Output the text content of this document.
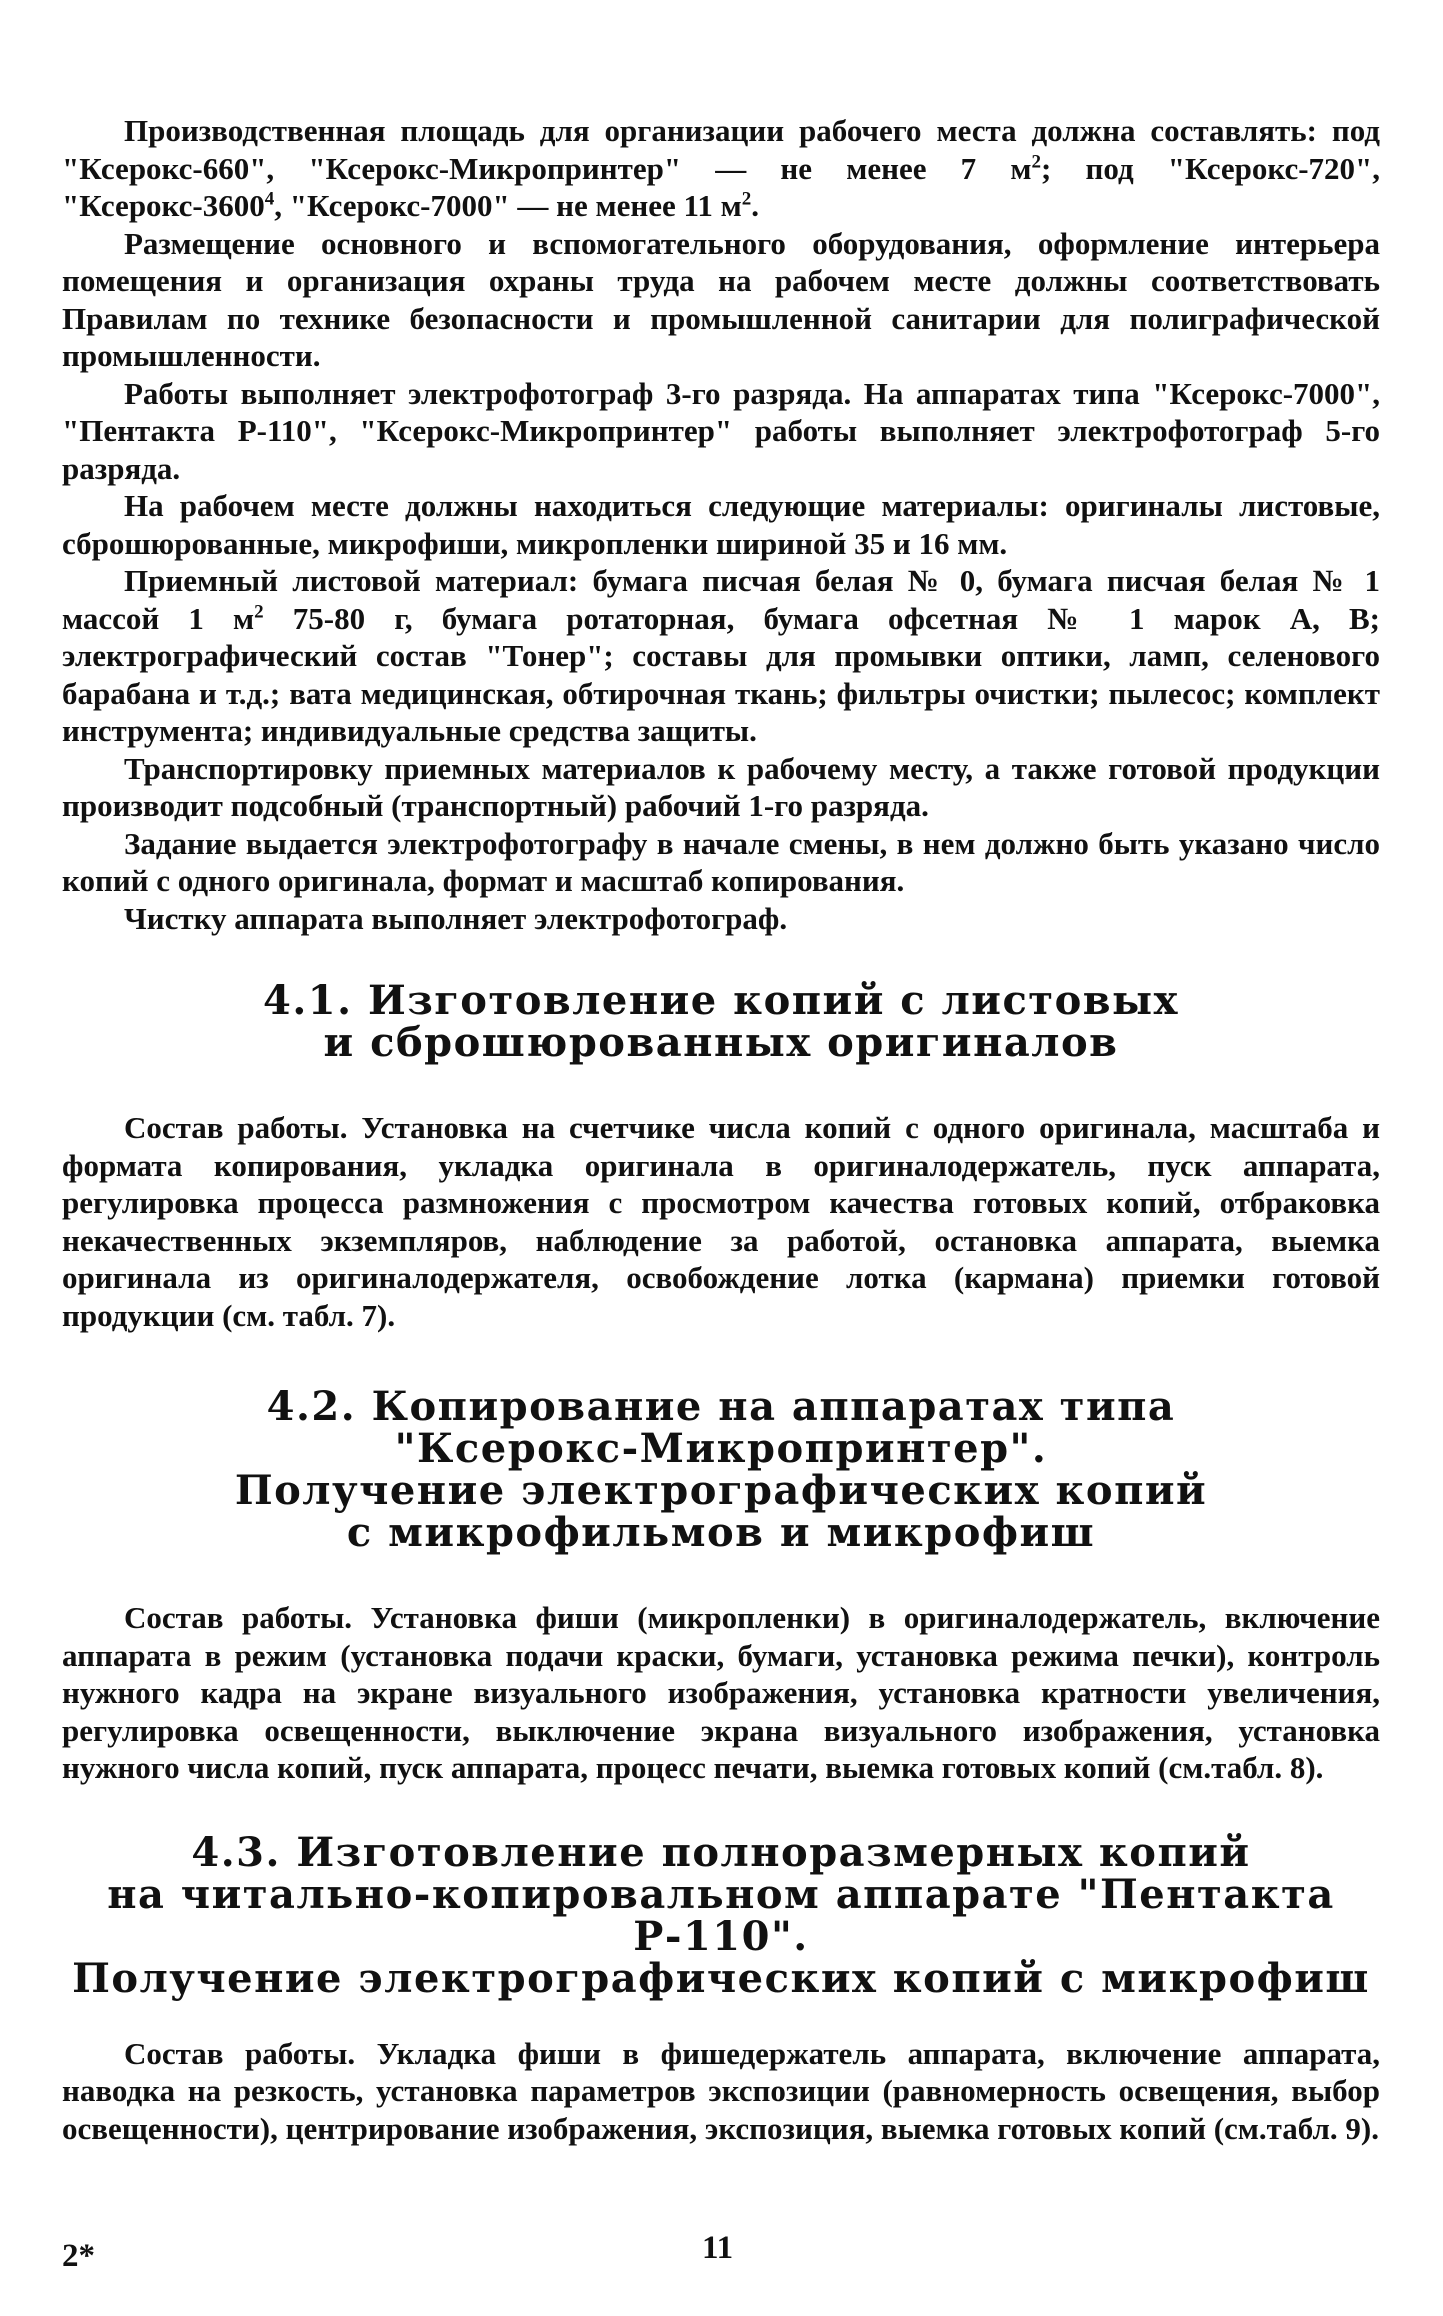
Производственная площадь для организации рабочего места должна составлять: под "Ксерокс-660", "Ксерокс-Микропринтер" — не менее 7 $м^2$; под "Ксерокс-720", "Ксерокс-3600$^4$, "Ксерокс-7000" — не менее 11 $м^2$.

Размещение основного и вспомогательного оборудования, оформление интерьера помещения и организация охраны труда на рабочем месте должны соответствовать Правилам по технике безопасности и промышленной санитарии для полиграфической промышленности.

Работы выполняет электрофотограф 3-го разряда. На аппаратах типа "Ксерокс-7000", "Пентакта Р-110", "Ксерокс-Микропринтер" работы выполняет электрофотограф 5-го разряда.

На рабочем месте должны находиться следующие материалы: оригиналы листовые, сброшюрованные, микрофиши, микропленки шириной 35 и 16 мм.

Приемный листовой материал: бумага писчая белая № 0, бумага писчая белая № 1 массой 1 $м^2$ 75-80 г, бумага ротаторная, бумага офсетная № 1 марок А, В; электрографический состав "Тонер"; составы для промывки оптики, ламп, селенового барабана и т.д.; вата медицинская, обтирочная ткань; фильтры очистки; пылесос; комплект инструмента; индивидуальные средства защиты.

Транспортировку приемных материалов к рабочему месту, а также готовой продукции производит подсобный (транспортный) рабочий 1-го разряда.

Задание выдается электрофотографу в начале смены, в нем должно быть указано число копий с одного оригинала, формат и масштаб копирования.

Чистку аппарата выполняет электрофотограф.

4.1. Изготовление копий с листовых
и сброшюрованных оригиналов

Состав работы. Установка на счетчике числа копий с одного оригинала, масштаба и формата копирования, укладка оригинала в оригиналодержатель, пуск аппарата, регулировка процесса размножения с просмотром качества готовых копий, отбраковка некачественных экземпляров, наблюдение за работой, остановка аппарата, выемка оригинала из оригиналодержателя, освобождение лотка (кармана) приемки готовой продукции (см. табл. 7).

4.2. Копирование на аппаратах типа
"Ксерокс-Микропринтер".
Получение электрографических копий
с микрофильмов и микрофиш

Состав работы. Установка фиши (микропленки) в оригиналодержатель, включение аппарата в режим (установка подачи краски, бумаги, установка режима печки), контроль нужного кадра на экране визуального изображения, установка кратности увеличения, регулировка освещенности, выключение экрана визуального изображения, установка нужного числа копий, пуск аппарата, процесс печати, выемка готовых копий (см.табл. 8).

4.3. Изготовление полноразмерных копий
на читально-копировальном аппарате "Пентакта Р-110".
Получение электрографических копий с микрофиш

Состав работы. Укладка фиши в фишедержатель аппарата, включение аппарата, наводка на резкость, установка параметров экспозиции (равномерность освещения, выбор освещенности), центрирование изображения, экспозиция, выемка готовых копий (см.табл. 9).

2*	11
